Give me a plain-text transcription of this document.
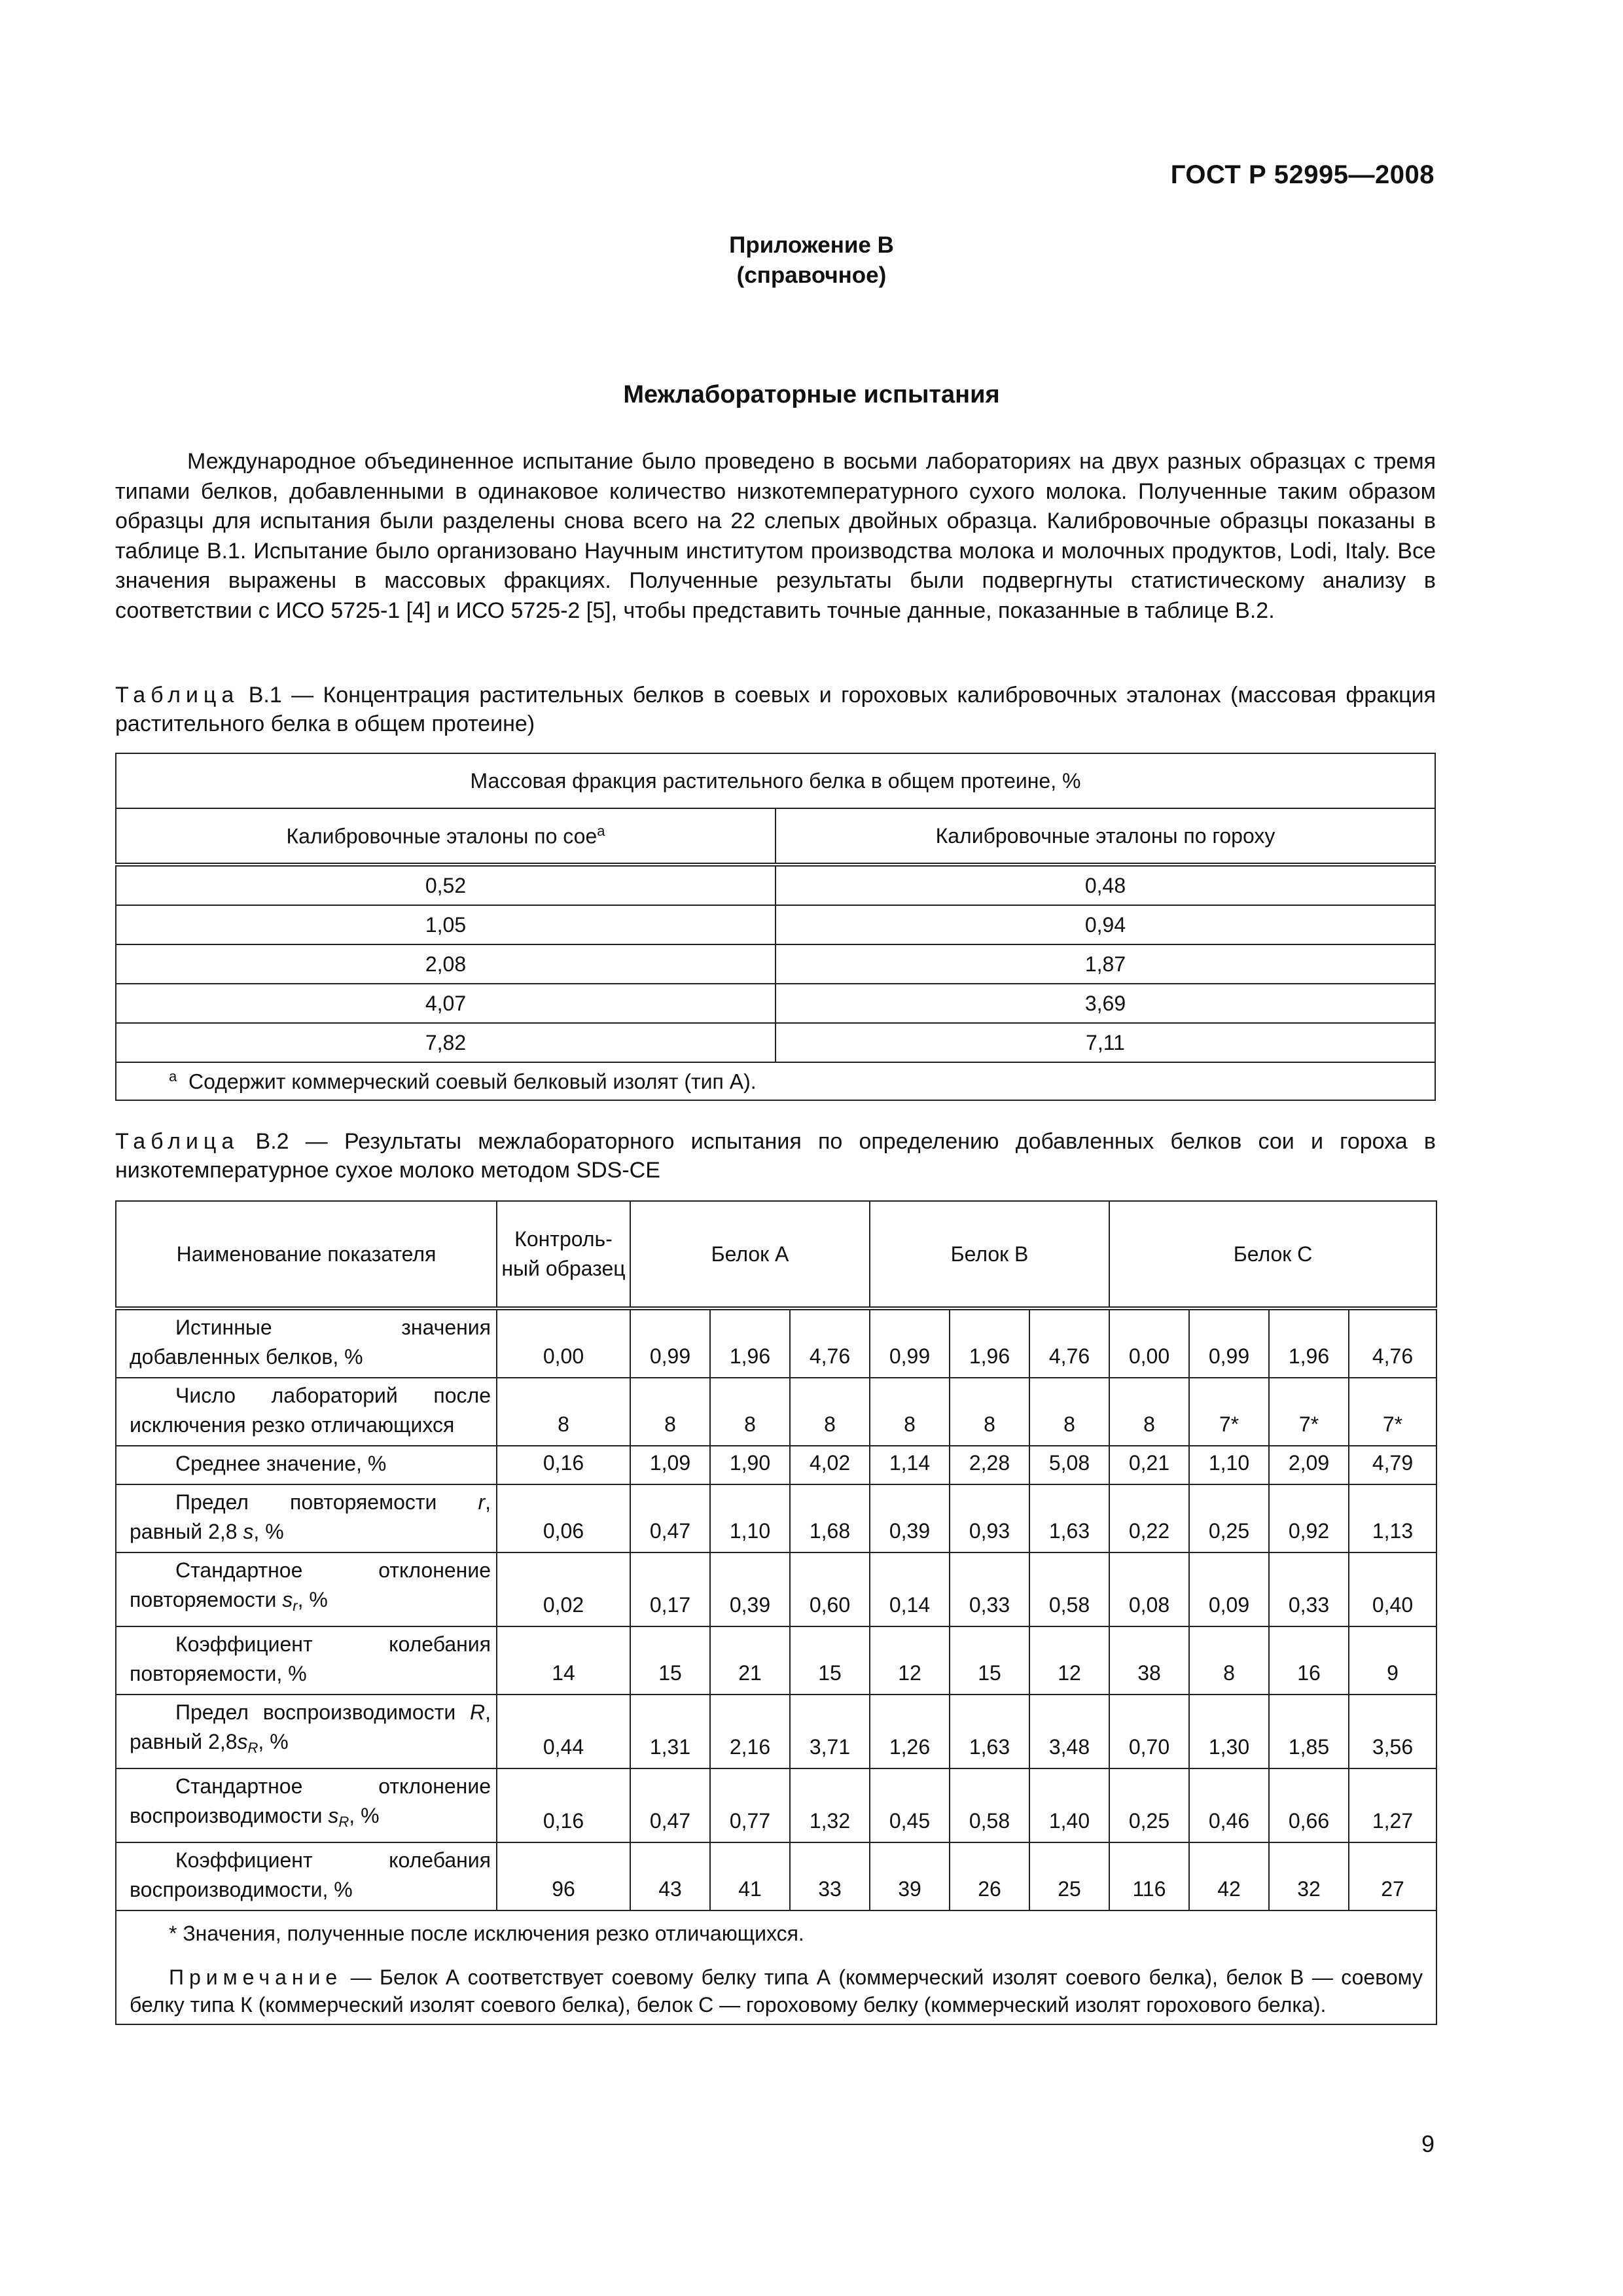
ГОСТ Р 52995—2008
Приложение В
(справочное)
Межлабораторные испытания

Международное объединенное испытание было проведено в восьми лабораториях на двух разных образцах с тремя типами белков, добавленными в одинаковое количество низкотемпературного сухого молока. Полученные таким образом образцы для испытания были разделены снова всего на 22 слепых двойных образца. Калибровочные образцы показаны в таблице В.1. Испытание было организовано Научным институтом производства молока и молочных продуктов, Lodi, Italy. Все значения выражены в массовых фракциях. Полученные результаты были подвергнуты статистическому анализу в соответствии с ИСО 5725-1 [4] и ИСО 5725-2 [5], чтобы представить точные данные, показанные в таблице В.2.

Таблица В.1 — Концентрация растительных белков в соевых и гороховых калибровочных эталонах (массовая фракция растительного белка в общем протеине)

Массовая фракция растительного белка в общем протеине, %	
Калибровочные эталоны по сое$^а$	Калибровочные эталоны по гороху
0,52	0,48
1,05	0,94
2,08	1,87
4,07	3,69
7,82	7,11
$^а$ Содержит коммерческий соевый белковый изолят (тип А).	

Таблица В.2 — Результаты межлабораторного испытания по определению добавленных белков сои и гороха в низкотемпературное сухое молоко методом SDS-CE

Наименование показателя	Контроль-ный образец	Белок А			Белок В			Белок С			
Истинные значения добавленных белков, %	0,00	0,99	1,96	4,76	0,99	1,96	4,76	0,00	0,99	1,96	4,76
Число лабораторий после исключения резко отличающихся	8	8	8	8	8	8	8	8	7*	7*	7*
Среднее значение, %	0,16	1,09	1,90	4,02	1,14	2,28	5,08	0,21	1,10	2,09	4,79
Предел повторяемости r, равный 2,8 s, %	0,06	0,47	1,10	1,68	0,39	0,93	1,63	0,22	0,25	0,92	1,13
Стандартное отклонение повторяемости $s_r$, %	0,02	0,17	0,39	0,60	0,14	0,33	0,58	0,08	0,09	0,33	0,40
Коэффициент колебания повторяемости, %	14	15	21	15	12	15	12	38	8	16	9
Предел воспроизводимости R, равный $2,8s_R$, %	0,44	1,31	2,16	3,71	1,26	1,63	3,48	0,70	1,30	1,85	3,56
Стандартное отклонение воспроизводимости $s_R$, %	0,16	0,47	0,77	1,32	0,45	0,58	1,40	0,25	0,46	0,66	1,27
Коэффициент колебания воспроизводимости, %	96	43	41	33	39	26	25	116	42	32	27

* Значения, полученные после исключения резко отличающихся.
Примечание — Белок А соответствует соевому белку типа А (коммерческий изолят соевого белка), белок В — соевому белку типа К (коммерческий изолят соевого белка), белок С — гороховому белку (коммерческий изолят горохового белка).											
9
